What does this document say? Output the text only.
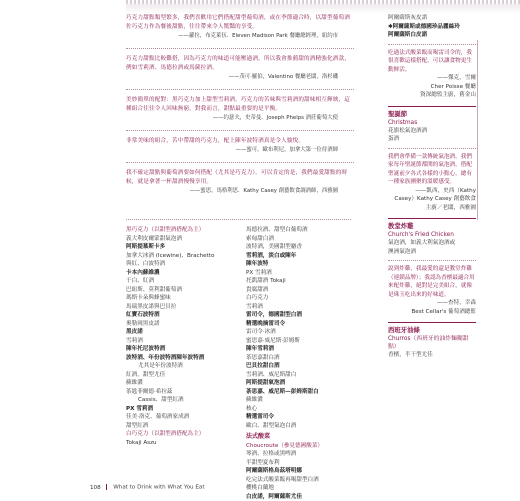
巧克力甜點類型繁多，我們喜歡用它們搭配甜型葡萄酒，或在季節適合時，以甜型葡萄酒佐巧克力作為餐後甜點，往往帶來令人驚豔的享受。
——蘿拉，布克萊伍．Eleven Madison Park 餐廳總經理，紐約市
巧克力甜點比較難搭，因為巧克力的味道可能壓過酒。所以我會推薦甜的酒精強化酒款，例如雪莉酒、馬德拉酒或馬薩拉酒。
——茂可·羅伯，Valentino 餐廳老闆，洛杉磯
美妙簡單的配對：黑巧克力加上甜型雪莉酒。巧克力的苦味與雪莉酒的甜味相互輝映，這種組合往往令人回味無窮，對我而言，甜點最重要的是平衡。
——約瑟夫，史蒂曼．Joseph Phelps 酒莊葡萄大使
非常美味的組合，苦中帶甜的巧克力，配上陳年波特酒真是令人愉悅。
——蜜可，歐布利尼，加拿大第一位侍酒師
我不確定甜點與葡萄酒要如何搭配（尤其是巧克力）。可以肯定的是，我們最愛甜點的時候，就是拿著一杯甜酒慢慢享用。
——蜜思，馬格利思．Kathy Casey 創藝飲食調酒師，西雅圖
黑巧克力（以甜型酒搭配為主）
義大利皮爾蒙甜氣泡酒
阿斯提慕斯卡多
加拿大冰酒 (Icewine)、Brachetto
與紅、白波特酒
卡本內蘇維濃
干白、紅酒
巴紐斯、莫利甜葡萄酒
瑪斯卡朵與蜂蜜味
馬瑞黑皮諾與巴貝拉
紅寶石波特酒
奧勒岡黑皮諾
黑皮諾
雪莉酒
陳年托尼波特酒
波特酒、年份波特酒陳年波特酒
尤其是年份波特酒
紅酒，甜型尤佳
蘇維濃
茶匙菲爾德·希拉茲
Cassis、甜型紅酒
PX 雪莉酒
佳美·洛克、葡萄酒家成酒
甜型紅酒
白巧克力（以甜型酒搭配為主）
Tokaji Aszu
馬德拉酒、甜型白葡萄酒
索甸甜白酒
波特酒，美國甜型麝香
雪莉酒，淡白或陳年
陳年波特
PX 雪莉酒
托凱甜酒 Tokaji
貴腐甜酒
白巧克力
雪莉酒
雷司令，德國甜型白酒
精選晚摘雷司令
雷司令·冰酒
蜜思嘉·威尼斯·彭姆斯
陳年雪莉酒
茶思嘉甜白酒
巴貝拉甜白酒
雪莉酒、威尼斯甜白
阿斯提甜氣泡酒
茶思嘉、威尼斯—彭姆斯甜白
蘇維濃
核心
精選雷司令
歐白、甜型氣泡白酒
法式酸菜
Choucroute（參見德國酸菜）
琴酒、拉格或黑啤酒
半甜型夏布利
阿爾薩斯格烏茲塔明娜
吃完法式酸菜飯再喝甜型白酒
櫻桃白蘭地
白皮諾，阿爾薩斯尤佳
阿爾薩斯灰皮諾
✱阿爾薩斯或德國珍品麗絲玲
阿爾薩斯白皮諾
吃過法式酸菜飯而喝雷司令的，我很喜歡這樣搭配，可以讓食物更生動鮮活。
——傑克，雪爾
Cher Poisse 餐廳
資深總監主廚，舊金山
聖誕節
Christmas
花旗松氣泡酒酒
蛋酒
我們會準備一款傳統氣泡酒。我們家每年聖誕節都開的氣泡酒，搭配聖誕前夕各式各樣的小點心，總有一種家族團聚的溫暖感受。
——凱西，史西（Kathy
Casey）Kathy Casey 創藝飲食
主廚／老闆，西雅圖
教堂炸雞
Church's Fried Chicken
氣泡酒，如義大利氣泡酒或
澳洲氣泡酒
說到炸雞，我最愛的還是教堂炸雞（連鎖品牌）；我認為香檳最適合用來配炸雞，絕對是完美組合，就像是珠玉吃出來的好味道。
——查特，幸森
Best Cellar's 葡萄酒總監
西班牙油條
Churros（西班牙的油炸麵糊甜點）
香檳，半干型尤佳
108 What to Drink with What You Eat
